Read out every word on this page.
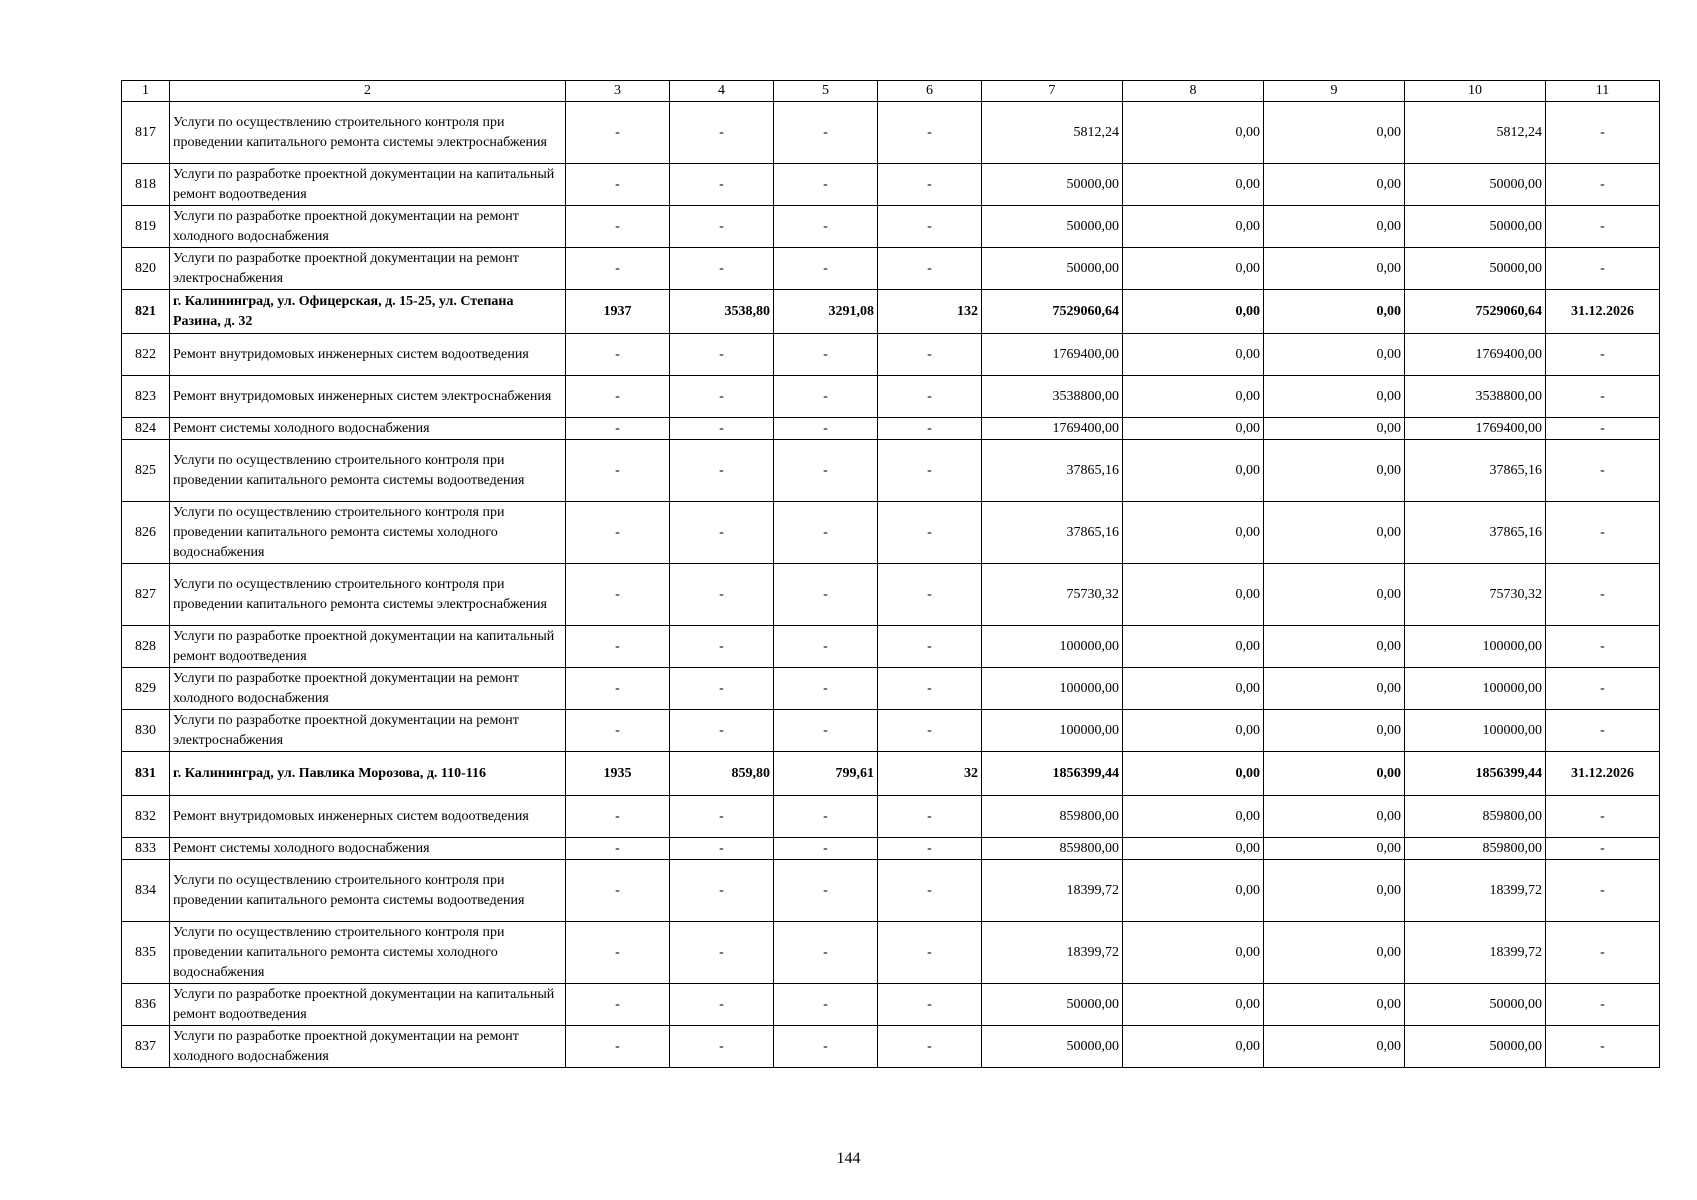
1	2	3	4	5	6	7	8	9	10	11
817	Услуги по осуществлению строительного контроля при проведении капитального ремонта системы электроснабжения	-	-	-	-	5812,24	0,00	0,00	5812,24	-
818	Услуги по разработке проектной документации на капитальный ремонт водоотведения	-	-	-	-	50000,00	0,00	0,00	50000,00	-
819	Услуги по разработке проектной документации на ремонт холодного водоснабжения	-	-	-	-	50000,00	0,00	0,00	50000,00	-
820	Услуги по разработке проектной документации на ремонт электроснабжения	-	-	-	-	50000,00	0,00	0,00	50000,00	-
821	г. Калининград, ул. Офицерская, д. 15-25, ул. Степана Разина, д. 32	1937	3538,80	3291,08	132	7529060,64	0,00	0,00	7529060,64	31.12.2026
822	Ремонт внутридомовых инженерных систем водоотведения	-	-	-	-	1769400,00	0,00	0,00	1769400,00	-
823	Ремонт внутридомовых инженерных систем электроснабжения	-	-	-	-	3538800,00	0,00	0,00	3538800,00	-
824	Ремонт системы холодного водоснабжения	-	-	-	-	1769400,00	0,00	0,00	1769400,00	-
825	Услуги по осуществлению строительного контроля при проведении капитального ремонта системы водоотведения	-	-	-	-	37865,16	0,00	0,00	37865,16	-
826	Услуги по осуществлению строительного контроля при проведении капитального ремонта системы холодного водоснабжения	-	-	-	-	37865,16	0,00	0,00	37865,16	-
827	Услуги по осуществлению строительного контроля при проведении капитального ремонта системы электроснабжения	-	-	-	-	75730,32	0,00	0,00	75730,32	-
828	Услуги по разработке проектной документации на капитальный ремонт водоотведения	-	-	-	-	100000,00	0,00	0,00	100000,00	-
829	Услуги по разработке проектной документации на ремонт холодного водоснабжения	-	-	-	-	100000,00	0,00	0,00	100000,00	-
830	Услуги по разработке проектной документации на ремонт электроснабжения	-	-	-	-	100000,00	0,00	0,00	100000,00	-
831	г. Калининград, ул. Павлика Морозова, д. 110-116	1935	859,80	799,61	32	1856399,44	0,00	0,00	1856399,44	31.12.2026
832	Ремонт внутридомовых инженерных систем водоотведения	-	-	-	-	859800,00	0,00	0,00	859800,00	-
833	Ремонт системы холодного водоснабжения	-	-	-	-	859800,00	0,00	0,00	859800,00	-
834	Услуги по осуществлению строительного контроля при проведении капитального ремонта системы водоотведения	-	-	-	-	18399,72	0,00	0,00	18399,72	-
835	Услуги по осуществлению строительного контроля при проведении капитального ремонта системы холодного водоснабжения	-	-	-	-	18399,72	0,00	0,00	18399,72	-
836	Услуги по разработке проектной документации на капитальный ремонт водоотведения	-	-	-	-	50000,00	0,00	0,00	50000,00	-
837	Услуги по разработке проектной документации на ремонт холодного водоснабжения	-	-	-	-	50000,00	0,00	0,00	50000,00	-
144
